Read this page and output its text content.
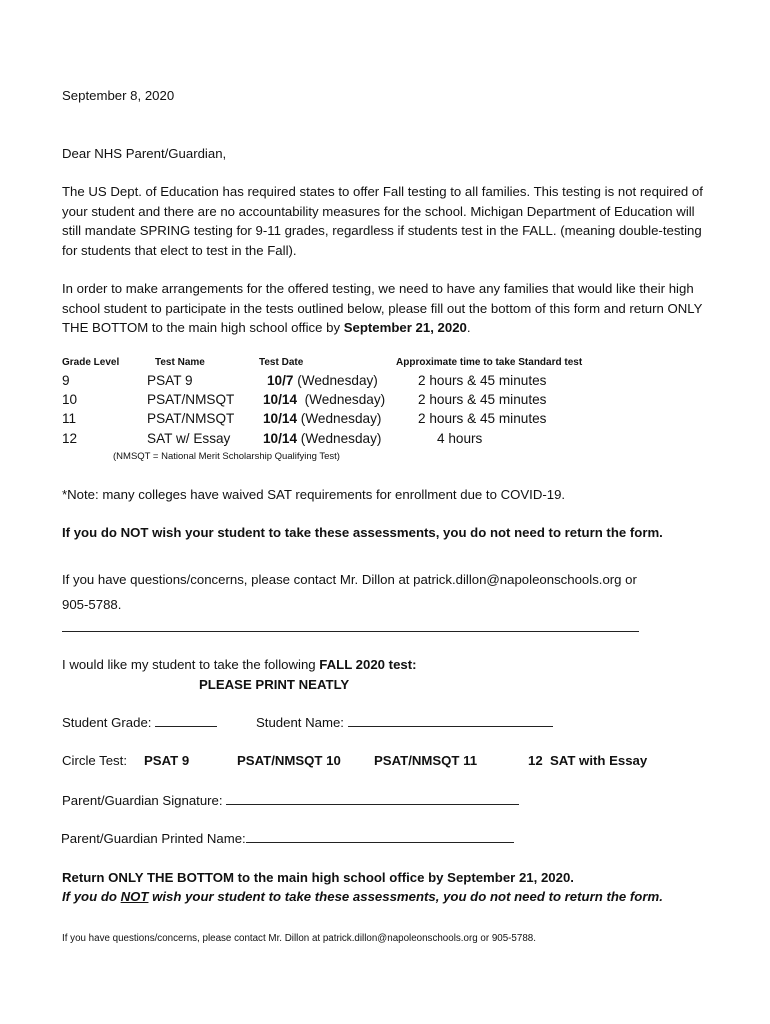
September 8, 2020
Dear NHS Parent/Guardian,
The US Dept. of Education has required states to offer Fall testing to all families. This testing is not required of your student and there are no accountability measures for the school. Michigan Department of Education will still mandate SPRING testing for 9-11 grades, regardless if students test in the FALL. (meaning double-testing for students that elect to test in the Fall).
In order to make arrangements for the offered testing, we need to have any families that would like their high school student to participate in the tests outlined below, please fill out the bottom of this form and return ONLY THE BOTTOM to the main high school office by September 21, 2020.
Grade Level	Test Name	Test Date	Approximate time to take Standard test
9	PSAT 9	10/7 (Wednesday)	2 hours & 45 minutes
10	PSAT/NMSQT 10/14  (Wednesday) 2 hours & 45 minutes
11	PSAT/NMSQT 10/14 (Wednesday)	2 hours & 45 minutes
12	SAT w/ Essay 10/14 (Wednesday)	4 hours
(NMSQT = National Merit Scholarship Qualifying Test)
*Note: many colleges have waived SAT requirements for enrollment due to COVID-19.
If you do NOT wish your student to take these assessments, you do not need to return the form.
If you have questions/concerns, please contact Mr. Dillon at patrick.dillon@napoleonschools.org or
905-5788.
I would like my student to take the following FALL 2020 test:
PLEASE PRINT NEATLY
Student Grade:	Student Name:
Circle Test: PSAT 9	PSAT/NMSQT 10	PSAT/NMSQT 11	12  SAT with Essay
Parent/Guardian Signature:
Parent/Guardian Printed Name:
Return ONLY THE BOTTOM to the main high school office by September 21, 2020.
If you do NOT wish your student to take these assessments, you do not need to return the form.
If you have questions/concerns, please contact Mr. Dillon at patrick.dillon@napoleonschools.org or 905-5788.
